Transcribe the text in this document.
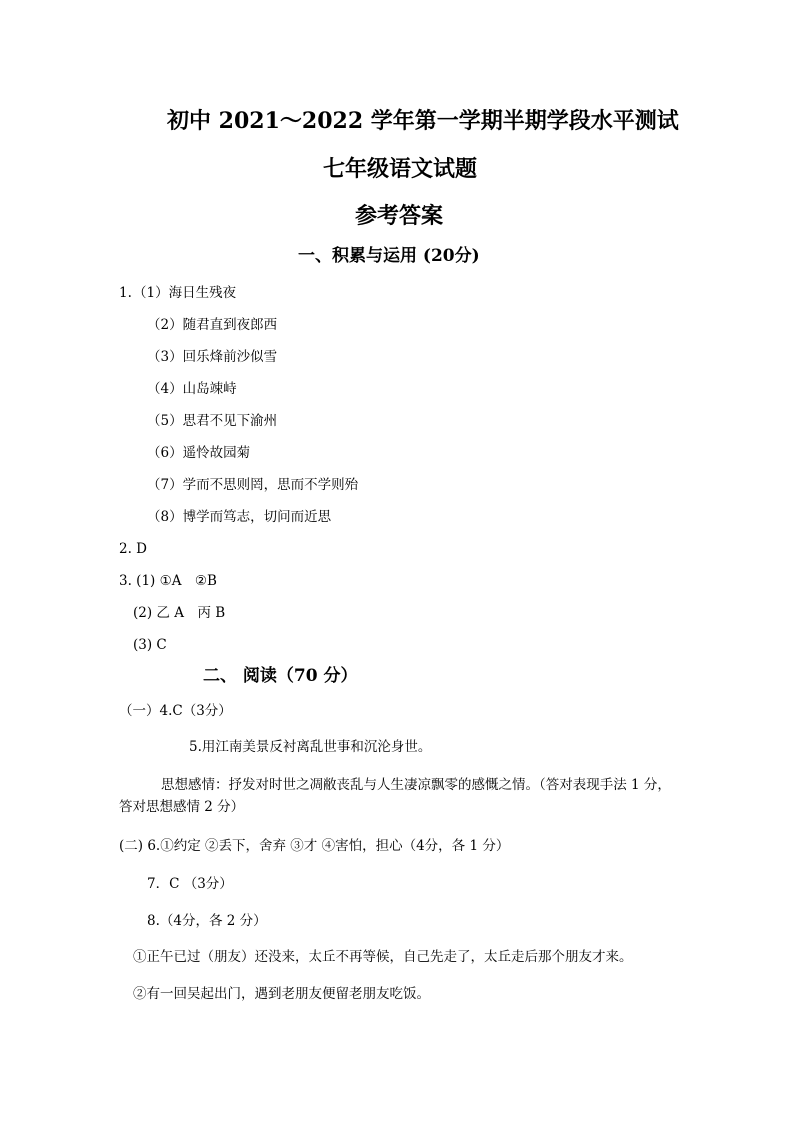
初中 2021～2022 学年第一学期半期学段水平测试
七年级语文试题
参考答案
一、积累与运用 (20分)
1. （1）海日生残夜
（2）随君直到夜郎西
（3）回乐烽前沙似雪
（4）山岛竦峙
（5）思君不见下渝州
（6）遥怜故园菊
（7）学而不思则罔，思而不学则殆
（8）博学而笃志，切问而近思
2. D
3. (1) ①A　②B
(2) 乙 A　丙 B
(3) C
二、 阅读（70 分）
（一）4.C（3分）
5.用江南美景反衬离乱世事和沉沦身世。
思想感情：抒发对时世之凋敝丧乱与人生凄凉飘零的感慨之情。（答对表现手法 1 分，答对思想感情 2 分）
(二) 6.①约定 ②丢下，舍弃 ③才 ④害怕，担心（4分，各 1 分）
7．C （3分）
8.（4分，各 2 分）
①正午已过（朋友）还没来，太丘不再等候，自己先走了，太丘走后那个朋友才来。
②有一回吴起出门，遇到老朋友便留老朋友吃饭。
